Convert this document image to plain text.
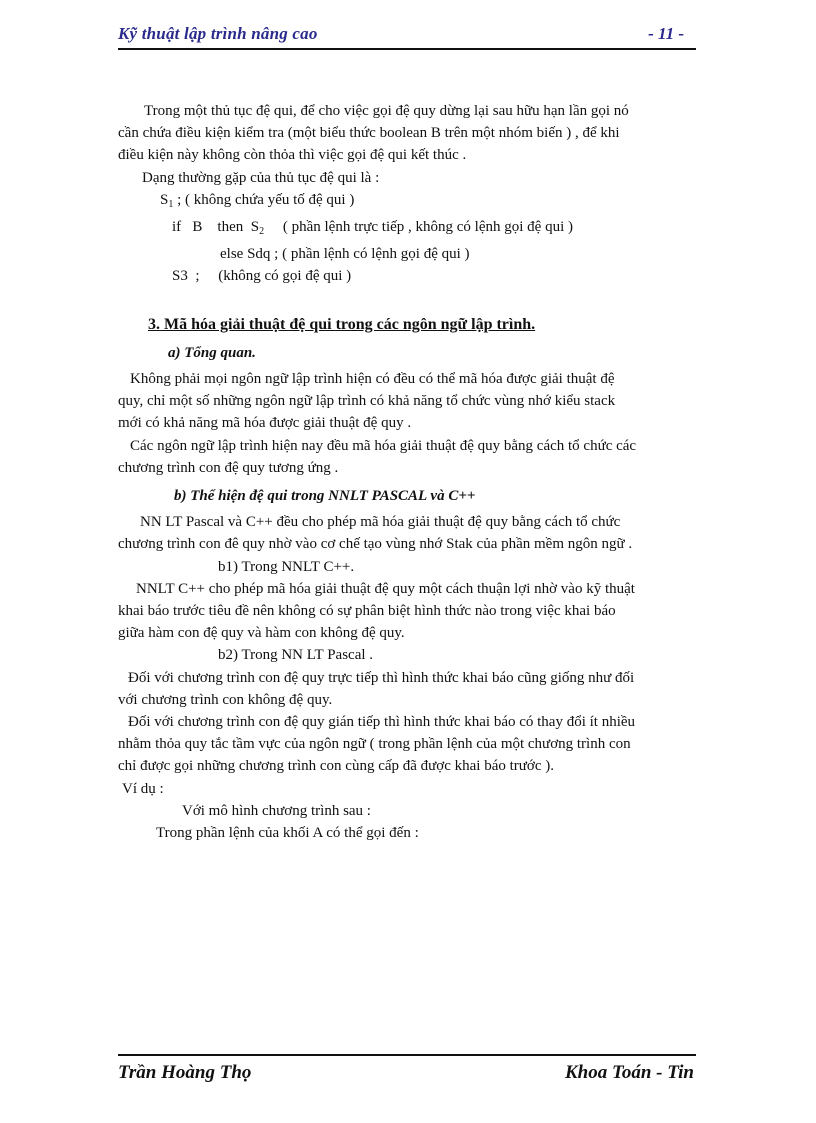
Kỹ thuật lập trình nâng cao	- 11 -

Trong một thủ tục đệ qui, để cho việc gọi đệ quy dừng lại sau hữu hạn lần gọi nó

cần chứa điều kiện kiểm tra (một biểu thức boolean B trên một nhóm biến ) , để khi

điều kiện này không còn thỏa thì việc gọi đệ qui kết thúc .

Dạng thường gặp của thủ tục đệ qui là :

$S_1$ ; ( không chứa yếu tố đệ qui )

if   B    then  $S_2$     ( phần lệnh trực tiếp , không có lệnh gọi đệ qui )

else Sdq ; ( phần lệnh có lệnh gọi đệ qui )

S3  ;     (không có gọi đệ qui )

3. Mã hóa giải thuật đệ qui trong các ngôn ngữ lập trình.

a) Tổng quan.

Không phải mọi ngôn ngữ lập trình hiện có đều có thể mã hóa được giải thuật đệ

quy, chỉ một số những ngôn ngữ lập trình có khả năng tổ chức vùng nhớ kiểu stack

mới có khả năng mã hóa được giải thuật đệ quy .

Các ngôn ngữ lập trình hiện nay đều mã hóa giải thuật đệ quy bằng cách tổ chức các

chương trình con đệ quy tương ứng .

b) Thể hiện đệ qui trong NNLT PASCAL và C++

NN LT Pascal và C++ đều cho phép mã hóa giải thuật đệ quy bằng cách tổ chức

chương trình con đê quy nhờ vào cơ chế tạo vùng nhớ Stak của phần mềm ngôn ngữ .

b1) Trong NNLT C++.

NNLT C++ cho phép mã hóa giải thuật đệ quy một cách thuận lợi nhờ vào kỹ thuật

khai báo trước tiêu đề nên không có sự phân biệt hình thức nào trong việc khai báo

giữa hàm con đệ quy và hàm con không đệ quy.

b2) Trong NN LT Pascal .

Đối với chương trình con đệ quy trực tiếp thì hình thức khai báo cũng giống như đối

với chương trình con không đệ quy.

Đối với chương trình con đệ quy gián tiếp thì hình thức khai báo có thay đổi ít nhiều

nhằm thỏa quy tắc tầm vực của ngôn ngữ ( trong phần lệnh của một chương trình con

chỉ được gọi những chương trình con cùng cấp đã được khai báo trước ).

Ví dụ :

Với mô hình chương trình sau :

Trong phần lệnh của khối A có thể gọi đến :

Trần Hoàng Thọ	Khoa Toán - Tin
